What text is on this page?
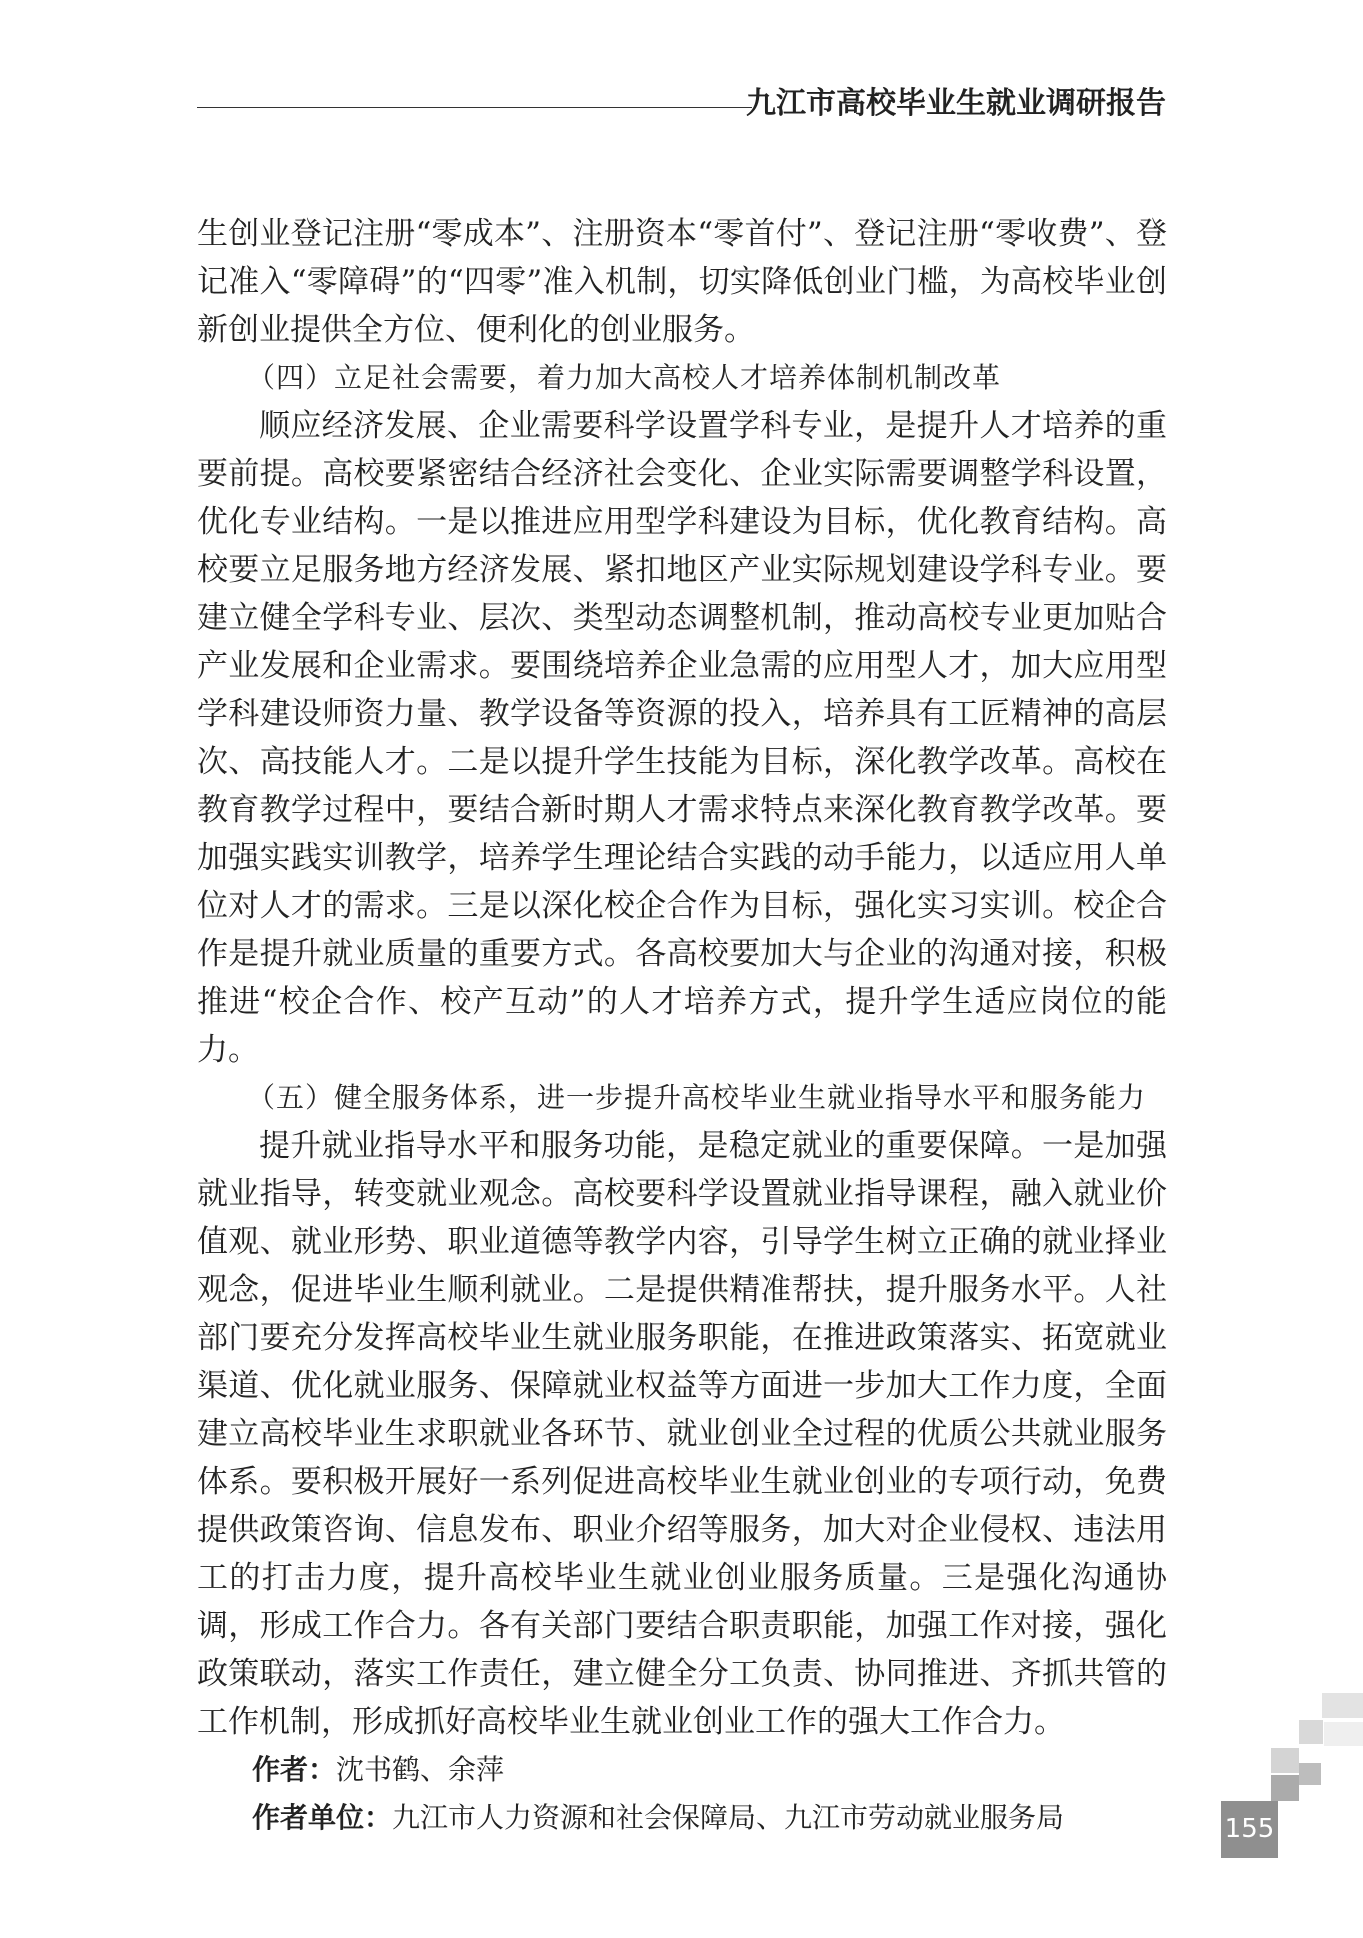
九江市高校毕业生就业调研报告

生创业登记注册“零成本”、注册资本“零首付”、登记注册“零收费”、登记准入“零障碍”的“四零”准入机制，切实降低创业门槛，为高校毕业创新创业提供全方位、便利化的创业服务。

（四）立足社会需要，着力加大高校人才培养体制机制改革

顺应经济发展、企业需要科学设置学科专业，是提升人才培养的重要前提。高校要紧密结合经济社会变化、企业实际需要调整学科设置，优化专业结构。一是以推进应用型学科建设为目标，优化教育结构。高校要立足服务地方经济发展、紧扣地区产业实际规划建设学科专业。要建立健全学科专业、层次、类型动态调整机制，推动高校专业更加贴合产业发展和企业需求。要围绕培养企业急需的应用型人才，加大应用型学科建设师资力量、教学设备等资源的投入，培养具有工匠精神的高层次、高技能人才。二是以提升学生技能为目标，深化教学改革。高校在教育教学过程中，要结合新时期人才需求特点来深化教育教学改革。要加强实践实训教学，培养学生理论结合实践的动手能力，以适应用人单位对人才的需求。三是以深化校企合作为目标，强化实习实训。校企合作是提升就业质量的重要方式。各高校要加大与企业的沟通对接，积极推进“校企合作、校产互动”的人才培养方式，提升学生适应岗位的能力。

（五）健全服务体系，进一步提升高校毕业生就业指导水平和服务能力

提升就业指导水平和服务功能，是稳定就业的重要保障。一是加强就业指导，转变就业观念。高校要科学设置就业指导课程，融入就业价值观、就业形势、职业道德等教学内容，引导学生树立正确的就业择业观念，促进毕业生顺利就业。二是提供精准帮扶，提升服务水平。人社部门要充分发挥高校毕业生就业服务职能，在推进政策落实、拓宽就业渠道、优化就业服务、保障就业权益等方面进一步加大工作力度，全面建立高校毕业生求职就业各环节、就业创业全过程的优质公共就业服务体系。要积极开展好一系列促进高校毕业生就业创业的专项行动，免费提供政策咨询、信息发布、职业介绍等服务，加大对企业侵权、违法用工的打击力度，提升高校毕业生就业创业服务质量。三是强化沟通协调，形成工作合力。各有关部门要结合职责职能，加强工作对接，强化政策联动，落实工作责任，建立健全分工负责、协同推进、齐抓共管的工作机制，形成抓好高校毕业生就业创业工作的强大工作合力。

作者：沈书鹤、余萍

作者单位：九江市人力资源和社会保障局、九江市劳动就业服务局	155
